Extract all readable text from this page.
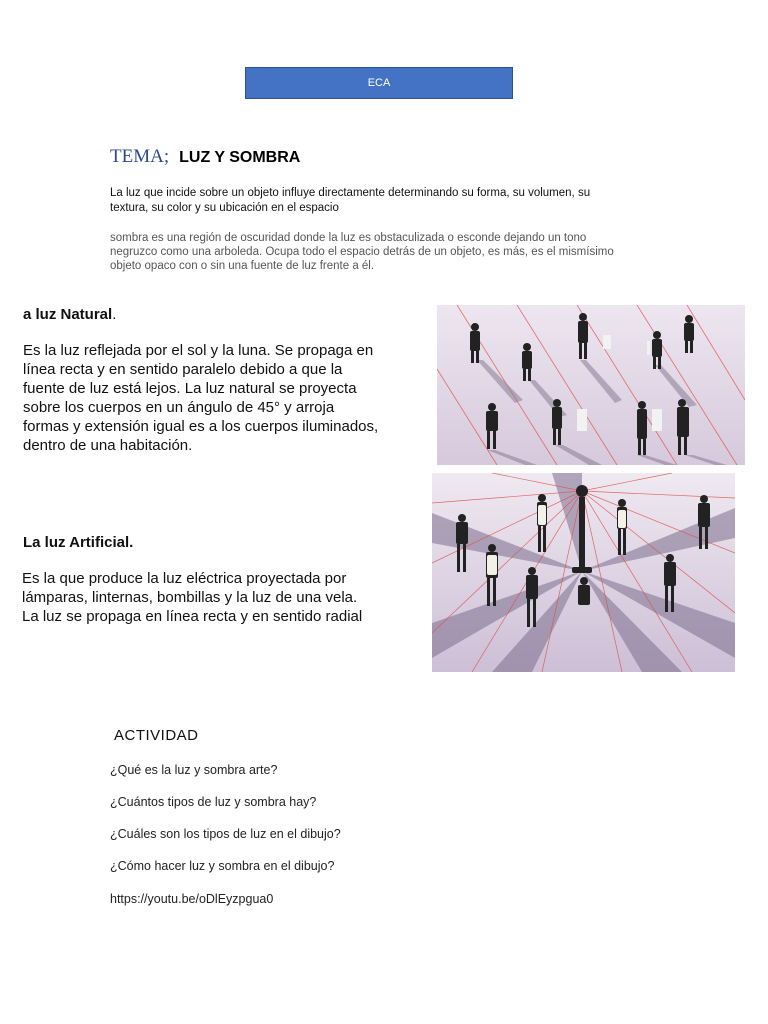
ECA
TEMA; LUZ Y SOMBRA
La luz que incide sobre un objeto influye directamente determinando su forma, su volumen, su
textura, su color y su ubicación en el espacio
sombra es una región de oscuridad donde la luz es obstaculizada o esconde dejando un tono
negruzco como una arboleda. Ocupa todo el espacio detrás de un objeto, es más, es el mismísimo
objeto opaco con o sin una fuente de luz frente a él.
a luz Natural.
Es la luz reflejada por el sol y la luna. Se propaga en
línea recta y en sentido paralelo debido a que la
fuente de luz está lejos. La luz natural se proyecta
sobre los cuerpos en un ángulo de 45° y arroja
formas y extensión igual es a los cuerpos iluminados,
dentro de una habitación.
La luz Artificial.
Es la que produce la luz eléctrica proyectada por
lámparas, linternas, bombillas y la luz de una vela.
La luz se propaga en línea recta y en sentido radial
ACTIVIDAD
¿Qué es la luz y sombra arte?
¿Cuántos tipos de luz y sombra hay?
¿Cuáles son los tipos de luz en el dibujo?
¿Cómo hacer luz y sombra en el dibujo?
https://youtu.be/oDlEyzpgua0
